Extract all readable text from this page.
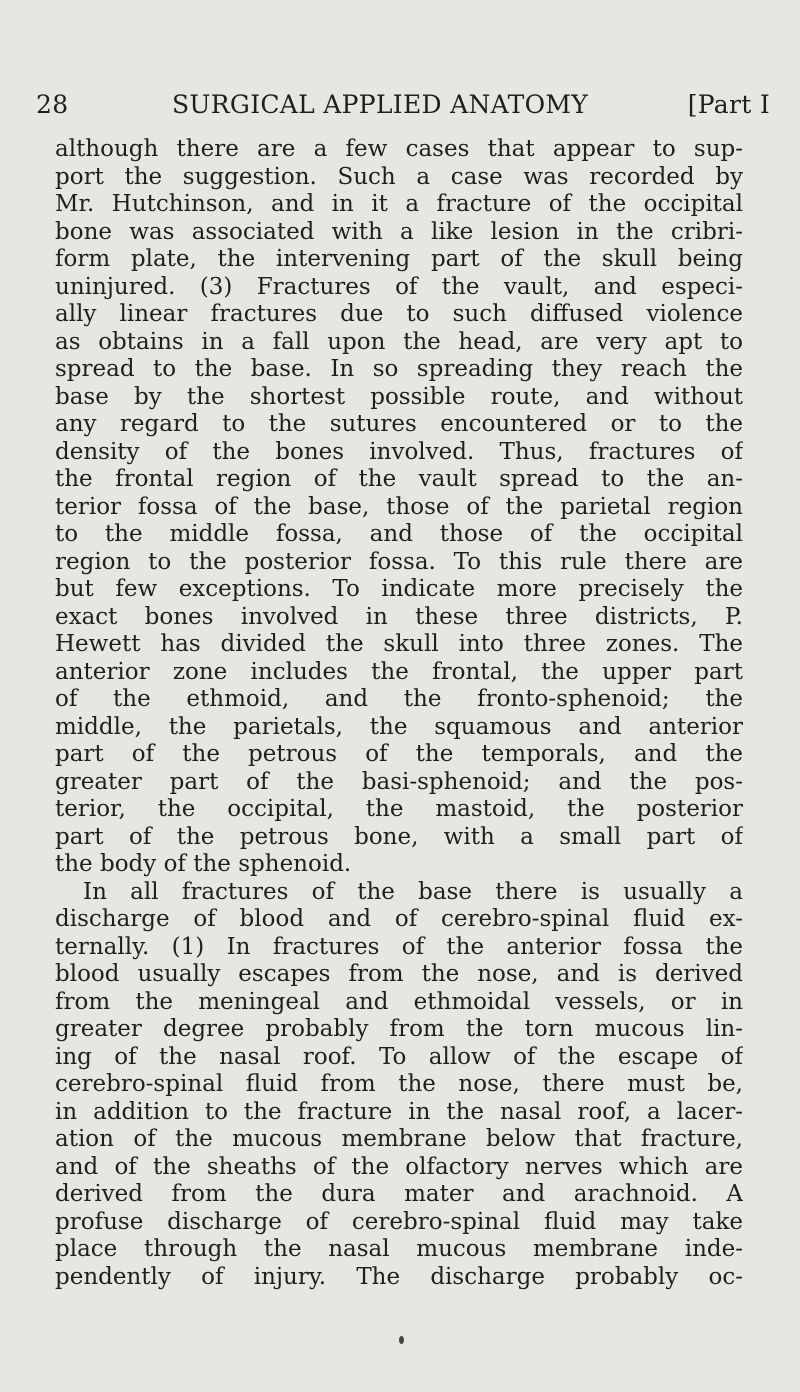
28	SURGICAL APPLIED ANATOMY	[Part I
although there are a few cases that appear to sup-
port the suggestion. Such a case was recorded by
Mr. Hutchinson, and in it a fracture of the occipital
bone was associated with a like lesion in the cribri-
form plate, the intervening part of the skull being
uninjured. (3) Fractures of the vault, and especi-
ally linear fractures due to such diffused violence
as obtains in a fall upon the head, are very apt to
spread to the base. In so spreading they reach the
base by the shortest possible route, and without
any regard to the sutures encountered or to the
density of the bones involved. Thus, fractures of
the frontal region of the vault spread to the an-
terior fossa of the base, those of the parietal region
to the middle fossa, and those of the occipital
region to the posterior fossa. To this rule there are
but few exceptions. To indicate more precisely the
exact bones involved in these three districts, P.
Hewett has divided the skull into three zones. The
anterior zone includes the frontal, the upper part
of the ethmoid, and the fronto-sphenoid; the
middle, the parietals, the squamous and anterior
part of the petrous of the temporals, and the
greater part of the basi-sphenoid; and the pos-
terior, the occipital, the mastoid, the posterior
part of the petrous bone, with a small part of
the body of the sphenoid.
In all fractures of the base there is usually a
discharge of blood and of cerebro-spinal fluid ex-
ternally. (1) In fractures of the anterior fossa the
blood usually escapes from the nose, and is derived
from the meningeal and ethmoidal vessels, or in
greater degree probably from the torn mucous lin-
ing of the nasal roof. To allow of the escape of
cerebro-spinal fluid from the nose, there must be,
in addition to the fracture in the nasal roof, a lacer-
ation of the mucous membrane below that fracture,
and of the sheaths of the olfactory nerves which are
derived from the dura mater and arachnoid. A
profuse discharge of cerebro-spinal fluid may take
place through the nasal mucous membrane inde-
pendently of injury. The discharge probably oc-
